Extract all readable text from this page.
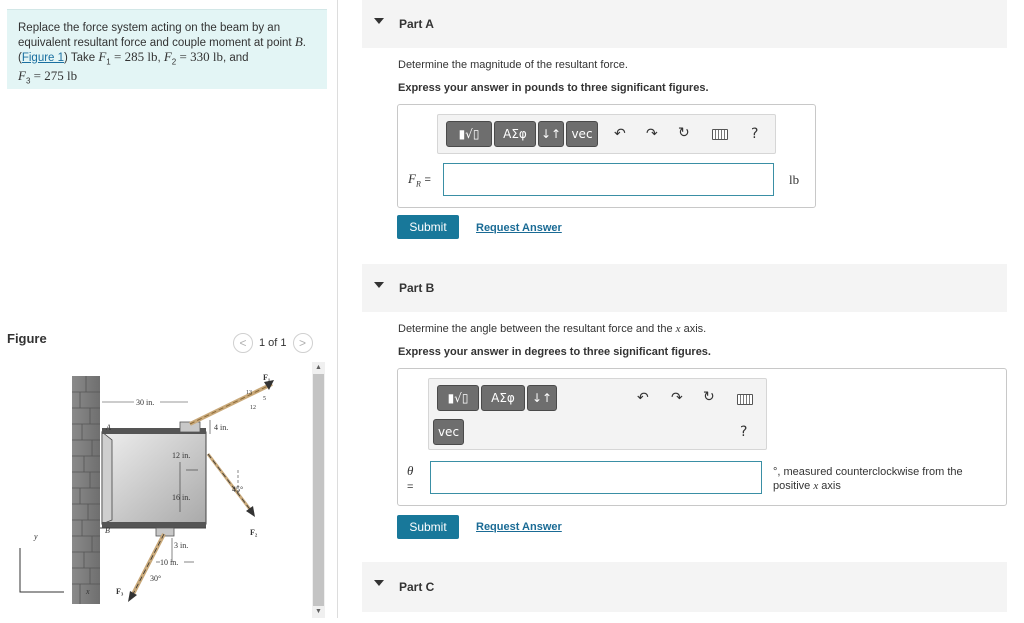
Replace the force system acting on the beam by an
equivalent resultant force and couple moment at point B.
(Figure 1) Take $F_1 = 285$ lb, $F_2 = 330$ lb, and
$F_3 = 275$ lb
Figure	< 1 of 1 >
30 in.
4 in.
12 in.
16 in.
3 in.
10 in.
45°
30°
13
5
12
A
B
y
x
F₁
F₂
F₃
▲
▼
Part A
Determine the magnitude of the resultant force.
Express your answer in pounds to three significant figures.
▮√▯	ΑΣφ	↓↑ vec	↶ ↷ ↻	?
$F_R$ =	lb
Submit	Request Answer
Part B
Determine the angle between the resultant force and the x axis.
Express your answer in degrees to three significant figures.
▮√▯	ΑΣφ	↓↑
vec
↶ ↷ ↻
?
θ
=
°, measured counterclockwise from the
positive x axis
Submit	Request Answer
Part C
